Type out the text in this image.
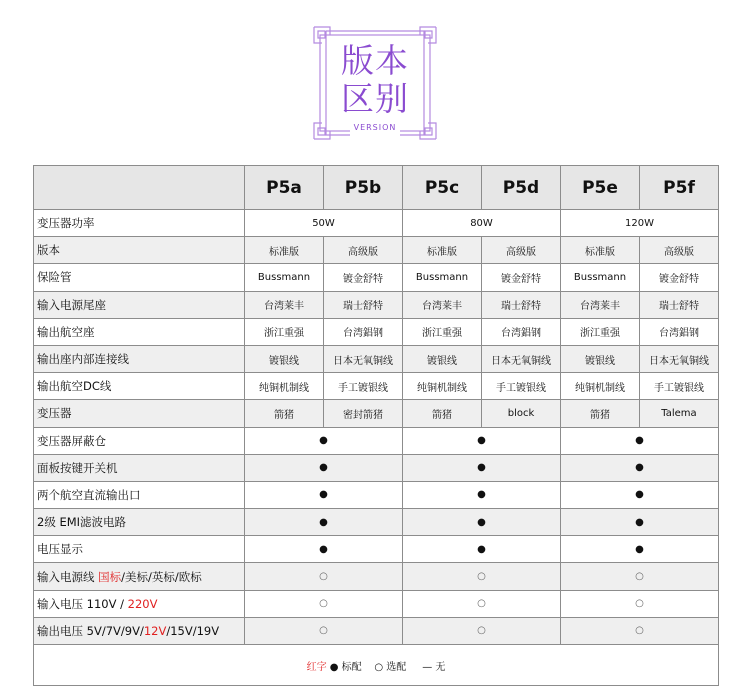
版本
区别
VERSION
	P5a	P5b	P5c	P5d	P5e	P5f
变压器功率	50W		80W		120W	
版本	标准版	高级版	标准版	高级版	标准版	高级版
保险管	Bussmann	镀金舒特	Bussmann	镀金舒特	Bussmann	镀金舒特
输入电源尾座	台湾莱丰	瑞士舒特	台湾莱丰	瑞士舒特	台湾莱丰	瑞士舒特
输出航空座	浙江重强	台湾錩钢	浙江重强	台湾錩钢	浙江重强	台湾錩钢
输出座内部连接线	镀银线	日本无氧铜线	镀银线	日本无氧铜线	镀银线	日本无氧铜线
输出航空DC线	纯铜机制线	手工镀银线	纯铜机制线	手工镀银线	纯铜机制线	手工镀银线
变压器	箭猪	密封箭猪	箭猪	block	箭猪	Talema
变压器屏蔽仓	●		●		●	
面板按键开关机	●		●		●	
两个航空直流输出口	●		●		●	
2级 EMI滤波电路	●		●		●	
电压显示	●		●		●	
输入电源线 国标/美标/英标/欧标	○		○		○	
输入电压 110V / 220V	○		○		○	
输出电压 5V/7V/9V/12V/15V/19V	○		○		○	
红字 ● 标配 ○ 选配 — 无						
